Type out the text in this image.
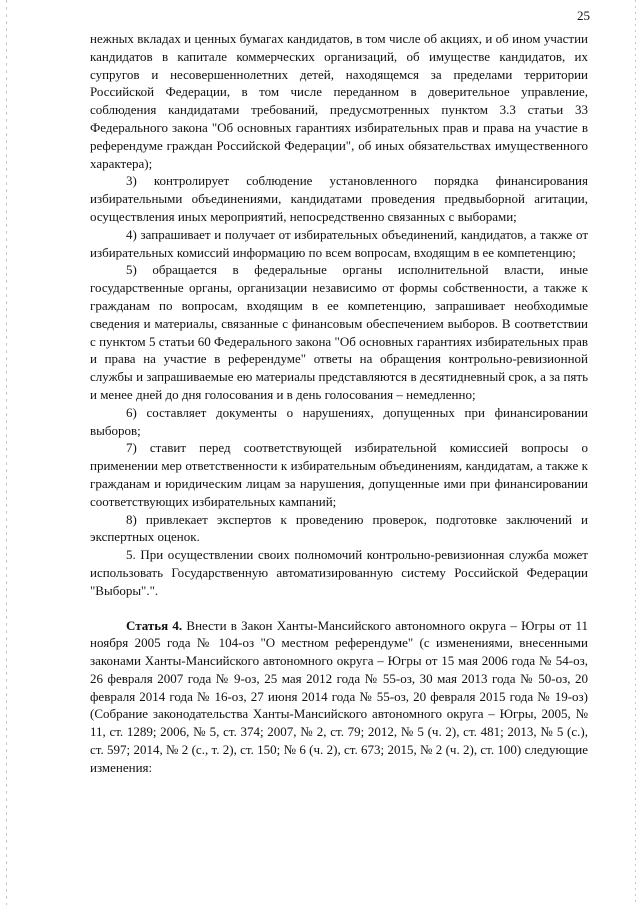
25

нежных вкладах и ценных бумагах кандидатов, в том числе об акциях, и об ином участии кандидатов в капитале коммерческих организаций, об имуществе кандидатов, их супругов и несовершеннолетних детей, находящемся за пределами территории Российской Федерации, в том числе переданном в доверительное управление, соблюдения кандидатами требований, предусмотренных пунктом 3.3 статьи 33 Федерального закона "Об основных гарантиях избирательных прав и права на участие в референдуме граждан Российской Федерации", об иных обязательствах имущественного характера);

3) контролирует соблюдение установленного порядка финансирования избирательными объединениями, кандидатами проведения предвыборной агитации, осуществления иных мероприятий, непосредственно связанных с выборами;

4) запрашивает и получает от избирательных объединений, кандидатов, а также от избирательных комиссий информацию по всем вопросам, входящим в ее компетенцию;

5) обращается в федеральные органы исполнительной власти, иные государственные органы, организации независимо от формы собственности, а также к гражданам по вопросам, входящим в ее компетенцию, запрашивает необходимые сведения и материалы, связанные с финансовым обеспечением выборов. В соответствии с пунктом 5 статьи 60 Федерального закона "Об основных гарантиях избирательных прав и права на участие в референдуме" ответы на обращения контрольно-ревизионной службы и запрашиваемые ею материалы представляются в десятидневный срок, а за пять и менее дней до дня голосования и в день голосования – немедленно;

6) составляет документы о нарушениях, допущенных при финансировании выборов;

7) ставит перед соответствующей избирательной комиссией вопросы о применении мер ответственности к избирательным объединениям, кандидатам, а также к гражданам и юридическим лицам за нарушения, допущенные ими при финансировании соответствующих избирательных кампаний;

8) привлекает экспертов к проведению проверок, подготовке заключений и экспертных оценок.

5. При осуществлении своих полномочий контрольно-ревизионная служба может использовать Государственную автоматизированную систему Российской Федерации "Выборы".".

Статья 4. Внести в Закон Ханты-Мансийского автономного округа – Югры от 11 ноября 2005 года № 104-оз "О местном референдуме" (с изменениями, внесенными законами Ханты-Мансийского автономного округа – Югры от 15 мая 2006 года № 54-оз, 26 февраля 2007 года № 9-оз, 25 мая 2012 года № 55-оз, 30 мая 2013 года № 50-оз, 20 февраля 2014 года № 16-оз, 27 июня 2014 года № 55-оз, 20 февраля 2015 года № 19-оз) (Собрание законодательства Ханты-Мансийского автономного округа – Югры, 2005, № 11, ст. 1289; 2006, № 5, ст. 374; 2007, № 2, ст. 79; 2012, № 5 (ч. 2), ст. 481; 2013, № 5 (с.), ст. 597; 2014, № 2 (с., т. 2), ст. 150; № 6 (ч. 2), ст. 673; 2015, № 2 (ч. 2), ст. 100) следующие изменения:
